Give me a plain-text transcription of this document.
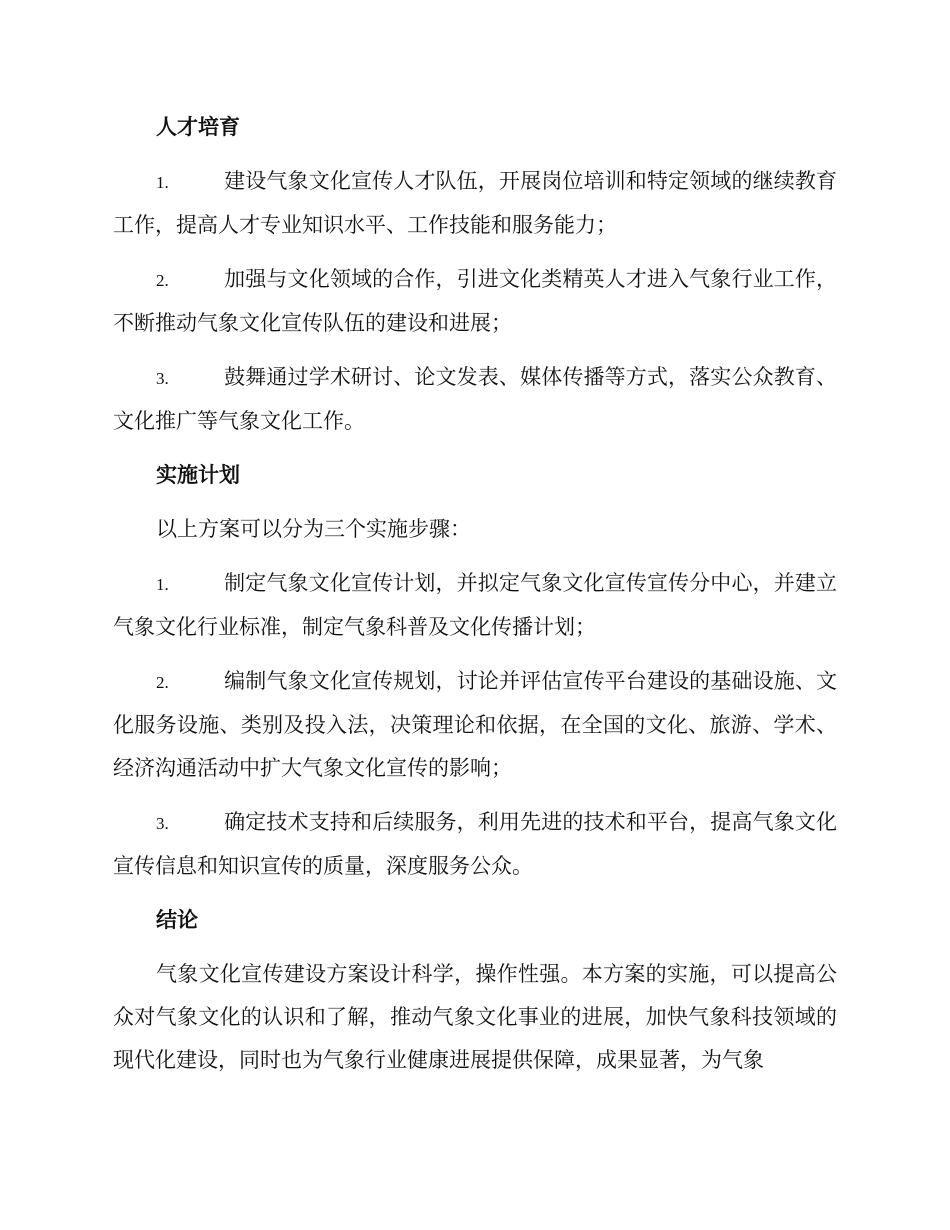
人才培育
1.	建设气象文化宣传人才队伍，开展岗位培训和特定领域的继续教育工作，提高人才专业知识水平、工作技能和服务能力；
2.	加强与文化领域的合作，引进文化类精英人才进入气象行业工作，不断推动气象文化宣传队伍的建设和进展；
3.	鼓舞通过学术研讨、论文发表、媒体传播等方式，落实公众教育、文化推广等气象文化工作。
实施计划
以上方案可以分为三个实施步骤：
1.	制定气象文化宣传计划，并拟定气象文化宣传宣传分中心，并建立气象文化行业标准，制定气象科普及文化传播计划；
2.	编制气象文化宣传规划，讨论并评估宣传平台建设的基础设施、文化服务设施、类别及投入法，决策理论和依据，在全国的文化、旅游、学术、经济沟通活动中扩大气象文化宣传的影响；
3.	确定技术支持和后续服务，利用先进的技术和平台，提高气象文化宣传信息和知识宣传的质量，深度服务公众。
结论
气象文化宣传建设方案设计科学，操作性强。本方案的实施，可以提高公众对气象文化的认识和了解，推动气象文化事业的进展，加快气象科技领域的现代化建设，同时也为气象行业健康进展提供保障，成果显著，为气象
